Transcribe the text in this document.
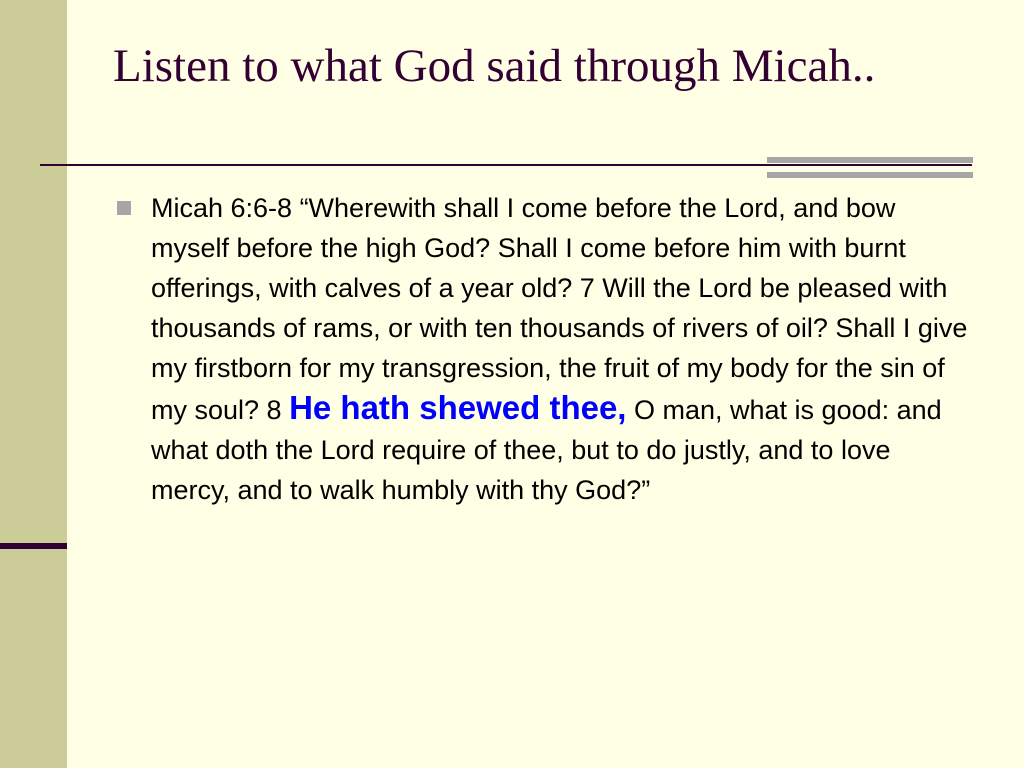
Listen to what God said through Micah..
Micah 6:6-8 “Wherewith shall I come before the Lord, and bow myself before the high God? Shall I come before him with burnt offerings, with calves of a year old? 7 Will the Lord be pleased with thousands of rams, or with ten thousands of rivers of oil? Shall I give my firstborn for my transgression, the fruit of my body for the sin of my soul? 8 He hath shewed thee, O man, what is good: and what doth the Lord require of thee, but to do justly, and to love mercy, and to walk humbly with thy God?”
